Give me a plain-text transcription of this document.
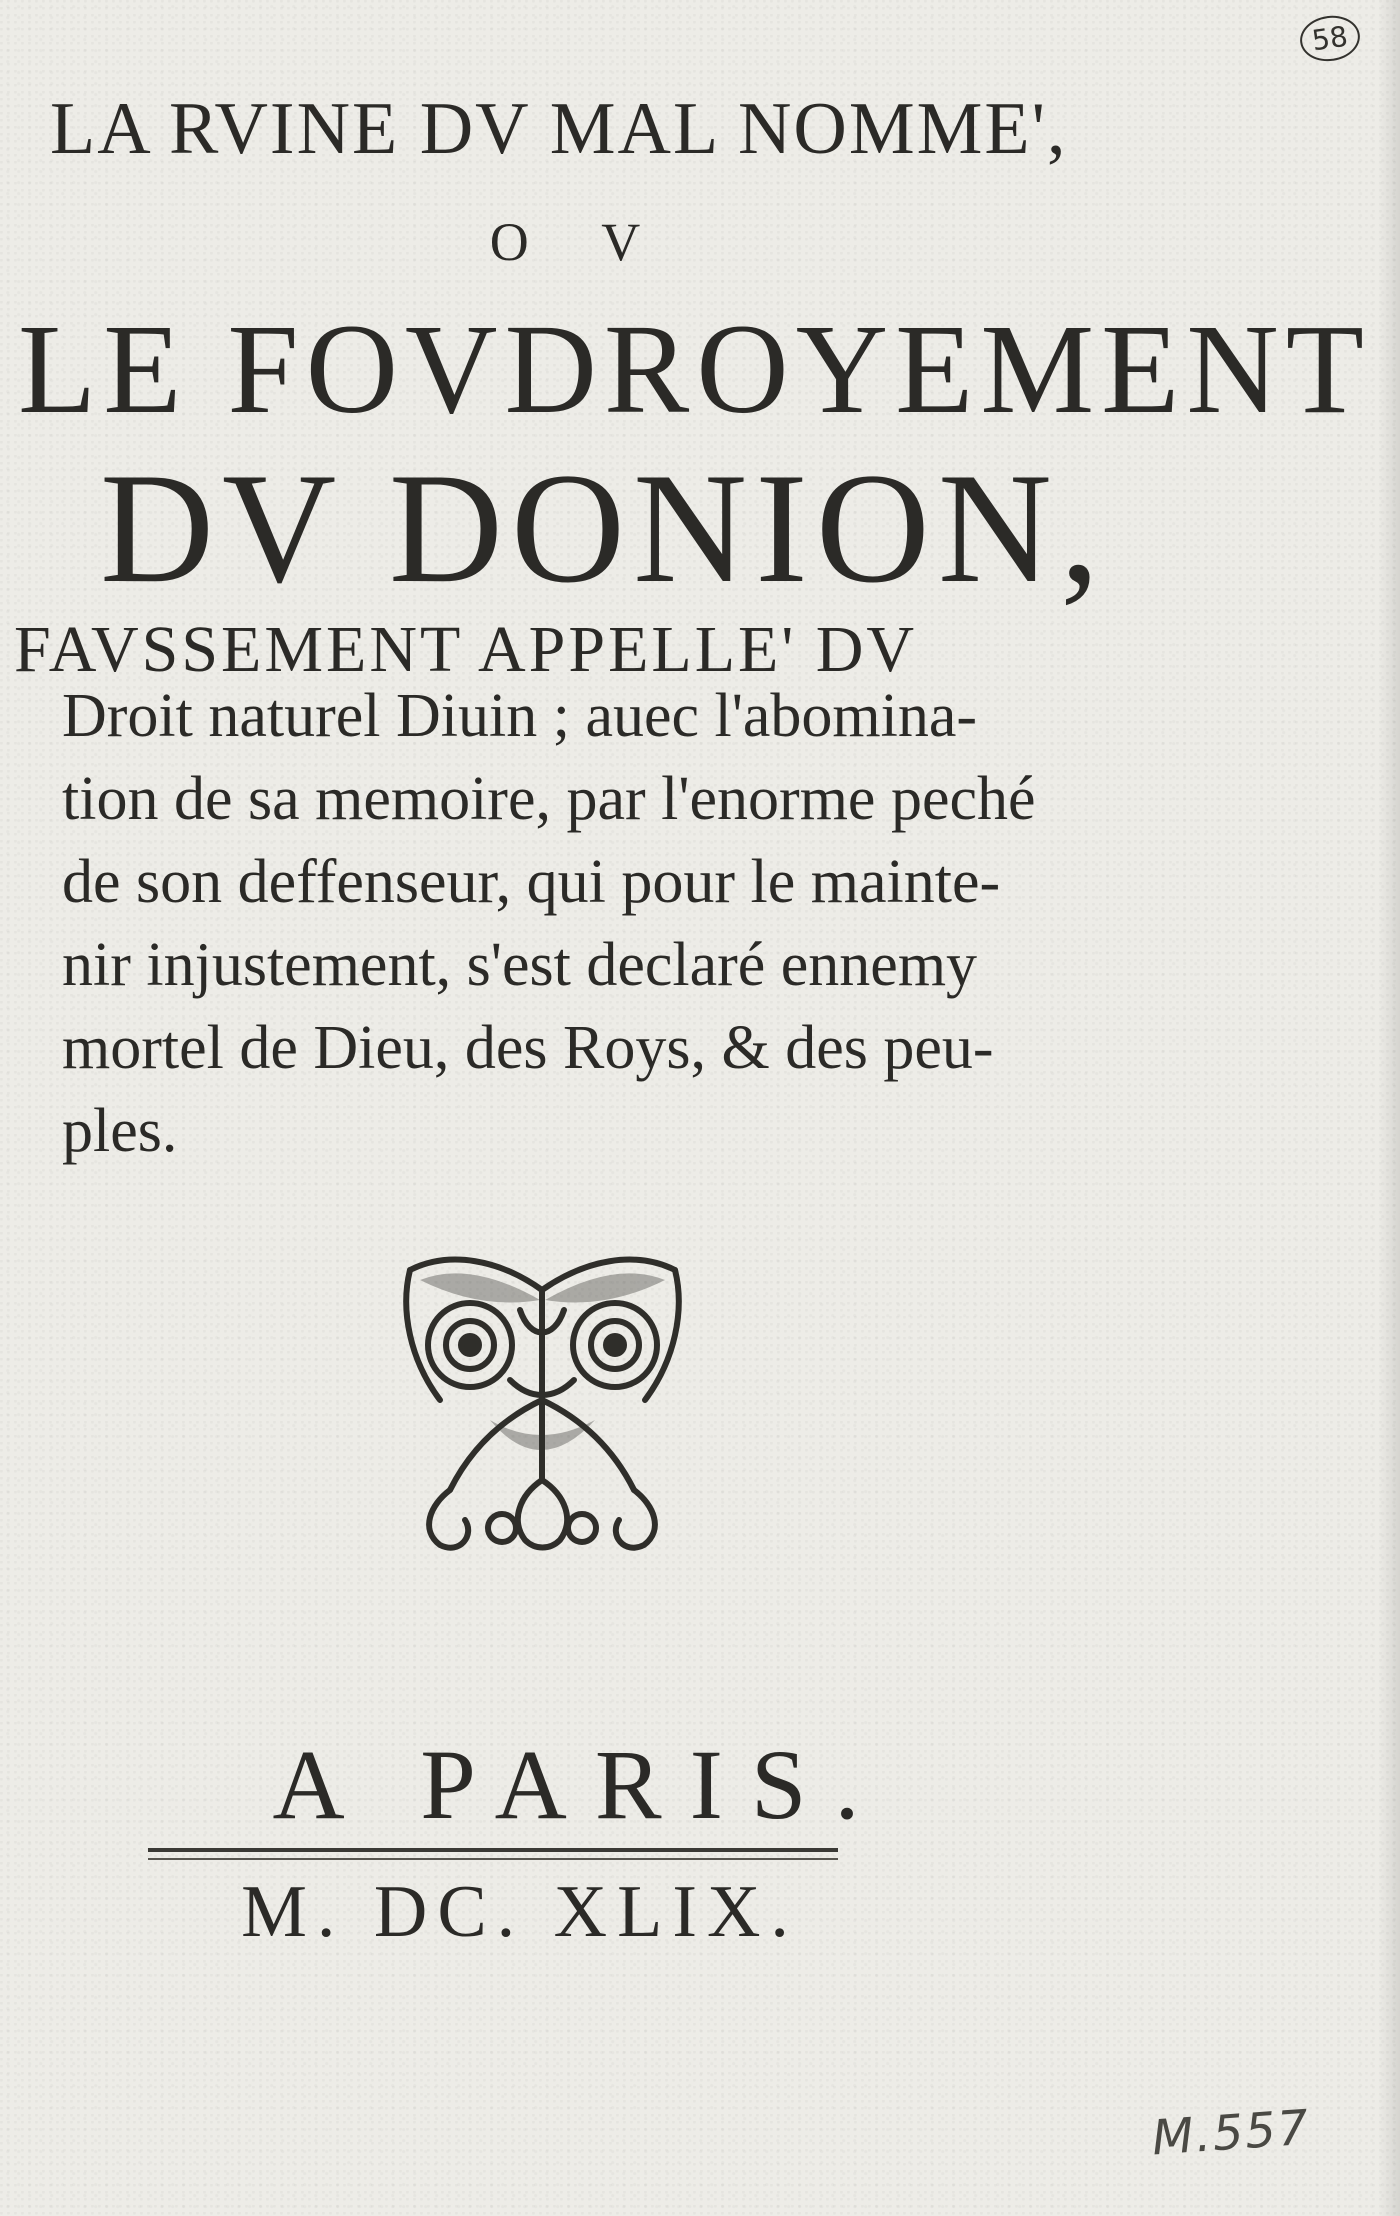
58

LA RVINE DV MAL NOMME',

O V

LE FOVDROYEMENT

DV DONION,

FAVSSEMENT APPELLE' DV

Droit naturel Diuin ; auec l'abomina-

tion de sa memoire, par l'enorme peché

de son deffenseur, qui pour le mainte-

nir injustement, s'est declaré ennemy

mortel de Dieu, des Roys, & des peu-

ples.

A PARIS.

M. DC. XLIX.

M.557
